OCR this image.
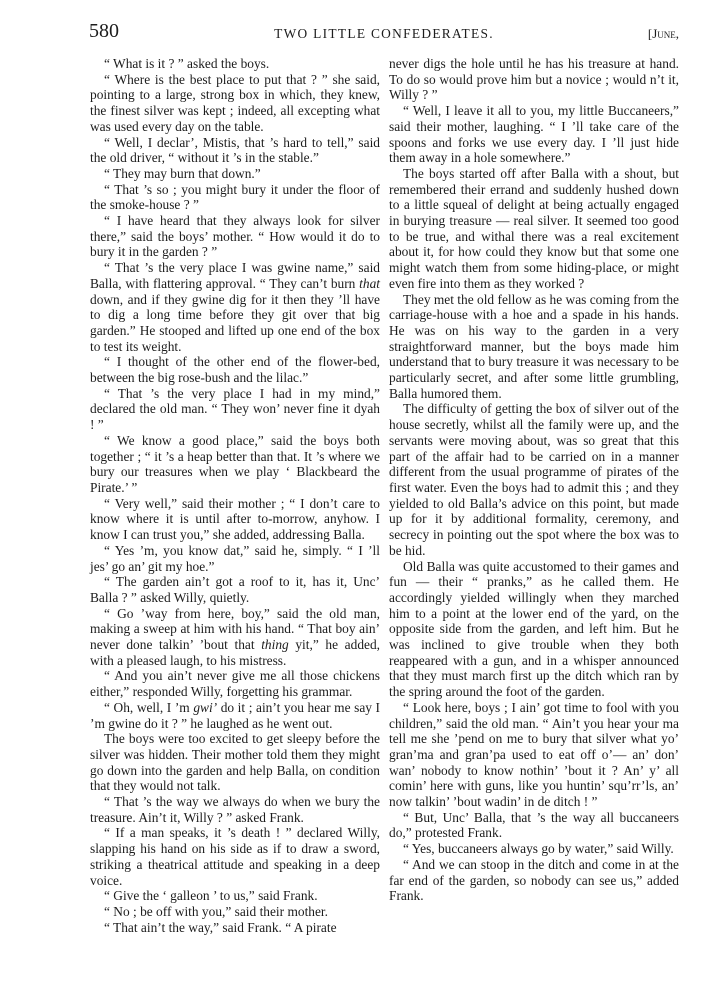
580	TWO LITTLE CONFEDERATES.	[June,

“ What is it ? ” asked the boys.

“ Where is the best place to put that ? ” she said, pointing to a large, strong box in which, they knew, the finest silver was kept ; indeed, all excepting what was used every day on the table.

“ Well, I declar’, Mistis, that ’s hard to tell,” said the old driver, “ without it ’s in the stable.”

“ They may burn that down.”

“ That ’s so ; you might bury it under the floor of the smoke-house ? ”

“ I have heard that they always look for silver there,” said the boys’ mother. “ How would it do to bury it in the garden ? ”

“ That ’s the very place I was gwine name,” said Balla, with flattering approval. “ They can’t burn that down, and if they gwine dig for it then they ’ll have to dig a long time before they git over that big garden.” He stooped and lifted up one end of the box to test its weight.

“ I thought of the other end of the flower-bed, between the big rose-bush and the lilac.”

“ That ’s the very place I had in my mind,” declared the old man. “ They won’ never fine it dyah ! ”

“ We know a good place,” said the boys both together ; “ it ’s a heap better than that. It ’s where we bury our treasures when we play ‘ Blackbeard the Pirate.’ ”

“ Very well,” said their mother ; “ I don’t care to know where it is until after to-morrow, anyhow. I know I can trust you,” she added, addressing Balla.

“ Yes ’m, you know dat,” said he, simply. “ I ’ll jes’ go an’ git my hoe.”

“ The garden ain’t got a roof to it, has it, Unc’ Balla ? ” asked Willy, quietly.

“ Go ’way from here, boy,” said the old man, making a sweep at him with his hand. “ That boy ain’ never done talkin’ ’bout that thing yit,” he added, with a pleased laugh, to his mistress.

“ And you ain’t never give me all those chickens either,” responded Willy, forgetting his grammar.

“ Oh, well, I ’m gwi’ do it ; ain’t you hear me say I ’m gwine do it ? ” he laughed as he went out.

The boys were too excited to get sleepy before the silver was hidden. Their mother told them they might go down into the garden and help Balla, on condition that they would not talk.

“ That ’s the way we always do when we bury the treasure. Ain’t it, Willy ? ” asked Frank.

“ If a man speaks, it ’s death ! ” declared Willy, slapping his hand on his side as if to draw a sword, striking a theatrical attitude and speaking in a deep voice.

“ Give the ‘ galleon ’ to us,” said Frank.

“ No ; be off with you,” said their mother.

“ That ain’t the way,” said Frank. “ A pirate

never digs the hole until he has his treasure at hand. To do so would prove him but a novice ; would n’t it, Willy ? ”

“ Well, I leave it all to you, my little Buccaneers,” said their mother, laughing. “ I ’ll take care of the spoons and forks we use every day. I ’ll just hide them away in a hole somewhere.”

The boys started off after Balla with a shout, but remembered their errand and suddenly hushed down to a little squeal of delight at being actually engaged in burying treasure — real silver. It seemed too good to be true, and withal there was a real excitement about it, for how could they know but that some one might watch them from some hiding-place, or might even fire into them as they worked ?

They met the old fellow as he was coming from the carriage-house with a hoe and a spade in his hands. He was on his way to the garden in a very straightforward manner, but the boys made him understand that to bury treasure it was necessary to be particularly secret, and after some little grumbling, Balla humored them.

The difficulty of getting the box of silver out of the house secretly, whilst all the family were up, and the servants were moving about, was so great that this part of the affair had to be carried on in a manner different from the usual programme of pirates of the first water. Even the boys had to admit this ; and they yielded to old Balla’s advice on this point, but made up for it by additional formality, ceremony, and secrecy in pointing out the spot where the box was to be hid.

Old Balla was quite accustomed to their games and fun — their “ pranks,” as he called them. He accordingly yielded willingly when they marched him to a point at the lower end of the yard, on the opposite side from the garden, and left him. But he was inclined to give trouble when they both reappeared with a gun, and in a whisper announced that they must march first up the ditch which ran by the spring around the foot of the garden.

“ Look here, boys ; I ain’ got time to fool with you children,” said the old man. “ Ain’t you hear your ma tell me she ’pend on me to bury that silver what yo’ gran’ma and gran’pa used to eat off o’— an’ don’ wan’ nobody to know nothin’ ’bout it ? An’ y’ all comin’ here with guns, like you huntin’ squ’rr’ls, an’ now talkin’ ’bout wadin’ in de ditch ! ”

“ But, Unc’ Balla, that ’s the way all buccaneers do,” protested Frank.

“ Yes, buccaneers always go by water,” said Willy.

“ And we can stoop in the ditch and come in at the far end of the garden, so nobody can see us,” added Frank.
